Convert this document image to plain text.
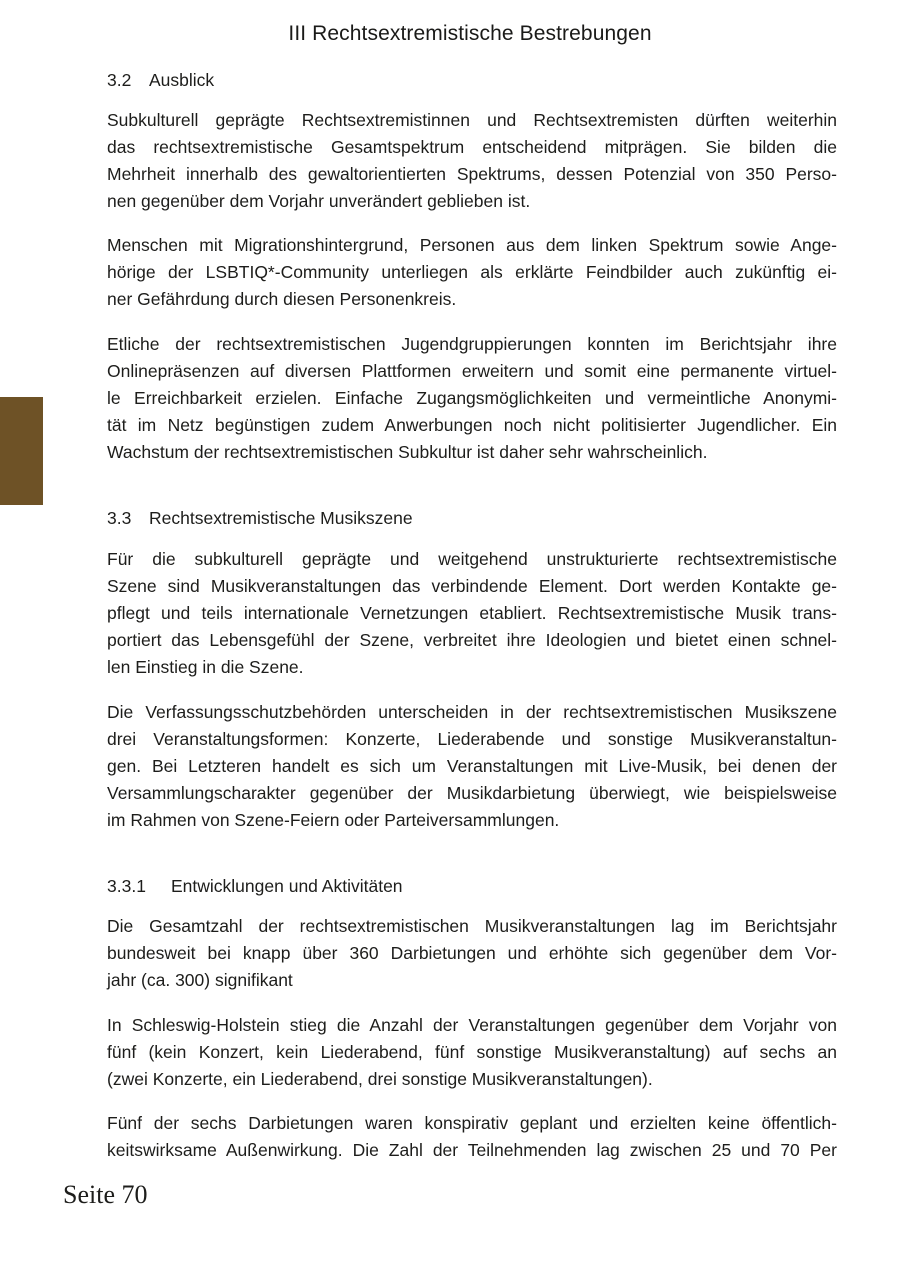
III Rechtsextremistische Bestrebungen
3.2 Ausblick
Subkulturell geprägte Rechtsextremistinnen und Rechtsextremisten dürften weiterhin
das rechtsextremistische Gesamtspektrum entscheidend mitprägen. Sie bilden die
Mehrheit innerhalb des gewaltorientierten Spektrums, dessen Potenzial von 350 Perso-
nen gegenüber dem Vorjahr unverändert geblieben ist.
Menschen mit Migrationshintergrund, Personen aus dem linken Spektrum sowie Ange-
hörige der LSBTIQ*-Community unterliegen als erklärte Feindbilder auch zukünftig ei-
ner Gefährdung durch diesen Personenkreis.
Etliche der rechtsextremistischen Jugendgruppierungen konnten im Berichtsjahr ihre
Onlinepräsenzen auf diversen Plattformen erweitern und somit eine permanente virtuel-
le Erreichbarkeit erzielen. Einfache Zugangsmöglichkeiten und vermeintliche Anonymi-
tät im Netz begünstigen zudem Anwerbungen noch nicht politisierter Jugendlicher. Ein
Wachstum der rechtsextremistischen Subkultur ist daher sehr wahrscheinlich.
3.3 Rechtsextremistische Musikszene
Für die subkulturell geprägte und weitgehend unstrukturierte rechtsextremistische
Szene sind Musikveranstaltungen das verbindende Element. Dort werden Kontakte ge-
pflegt und teils internationale Vernetzungen etabliert. Rechtsextremistische Musik trans-
portiert das Lebensgefühl der Szene, verbreitet ihre Ideologien und bietet einen schnel-
len Einstieg in die Szene.
Die Verfassungsschutzbehörden unterscheiden in der rechtsextremistischen Musikszene
drei Veranstaltungsformen: Konzerte, Liederabende und sonstige Musikveranstaltun-
gen. Bei Letzteren handelt es sich um Veranstaltungen mit Live-Musik, bei denen der
Versammlungscharakter gegenüber der Musikdarbietung überwiegt, wie beispielsweise
im Rahmen von Szene-Feiern oder Parteiversammlungen.
3.3.1 Entwicklungen und Aktivitäten
Die Gesamtzahl der rechtsextremistischen Musikveranstaltungen lag im Berichtsjahr
bundesweit bei knapp über 360 Darbietungen und erhöhte sich gegenüber dem Vor-
jahr (ca. 300) signifikant
In Schleswig-Holstein stieg die Anzahl der Veranstaltungen gegenüber dem Vorjahr von
fünf (kein Konzert, kein Liederabend, fünf sonstige Musikveranstaltung) auf sechs an
(zwei Konzerte, ein Liederabend, drei sonstige Musikveranstaltungen).
Fünf der sechs Darbietungen waren konspirativ geplant und erzielten keine öffentlich-
keitswirksame Außenwirkung. Die Zahl der Teilnehmenden lag zwischen 25 und 70 Per
Seite 70
